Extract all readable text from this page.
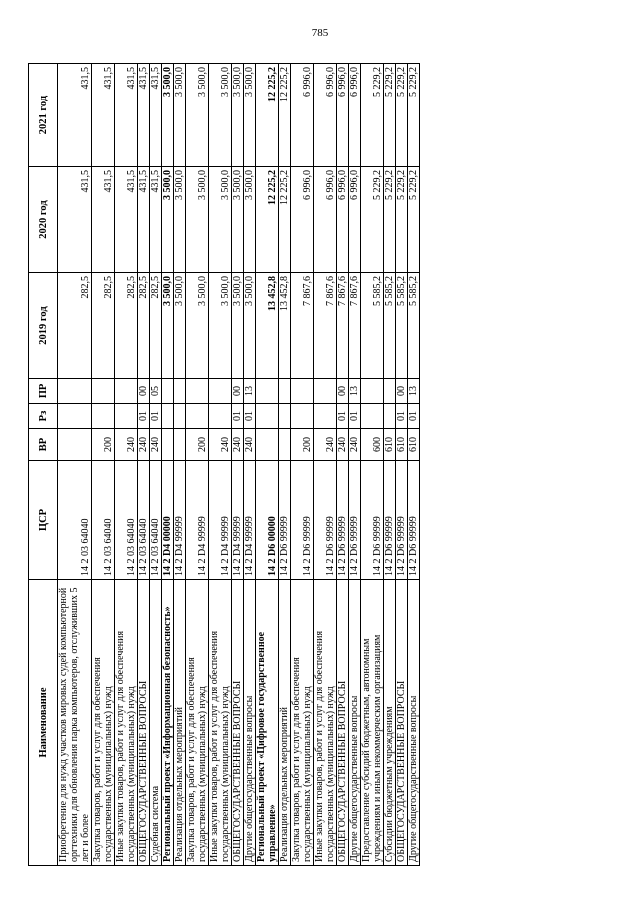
785
Наименование	ЦСР	ВР	Рз	ПР	2019 год	2020 год	2021 год
Приобретение для нужд участков мировых судей компьютерной оргтехники для обновления парка компьютеров, отслуживших 5 лет и более	14 2 03 64040				282,5	431,5	431,5
Закупка товаров, работ и услуг для обеспечения государственных (муниципальных) нужд	14 2 03 64040	200			282,5	431,5	431,5
Иные закупки товаров, работ и услуг для обеспечения государственных (муниципальных) нужд	14 2 03 64040	240			282,5	431,5	431,5
ОБЩЕГОСУДАРСТВЕННЫЕ ВОПРОСЫ	14 2 03 64040	240	01	00	282,5	431,5	431,5
Судебная система	14 2 03 64040	240	01	05	282,5	431,5	431,5
Региональный проект «Информационная безопасность»	14 2 D4 00000				3 500,0	3 500,0	3 500,0
Реализация отдельных мероприятий	14 2 D4 99999				3 500,0	3 500,0	3 500,0
Закупка товаров, работ и услуг для обеспечения государственных (муниципальных) нужд	14 2 D4 99999	200			3 500,0	3 500,0	3 500,0
Иные закупки товаров, работ и услуг для обеспечения государственных (муниципальных) нужд	14 2 D4 99999	240			3 500,0	3 500,0	3 500,0
ОБЩЕГОСУДАРСТВЕННЫЕ ВОПРОСЫ	14 2 D4 99999	240	01	00	3 500,0	3 500,0	3 500,0
Другие общегосударственные вопросы	14 2 D4 99999	240	01	13	3 500,0	3 500,0	3 500,0
Региональный проект «Цифровое государственное управление»	14 2 D6 00000				13 452,8	12 225,2	12 225,2
Реализация отдельных мероприятий	14 2 D6 99999				13 452,8	12 225,2	12 225,2
Закупка товаров, работ и услуг для обеспечения государственных (муниципальных) нужд	14 2 D6 99999	200			7 867,6	6 996,0	6 996,0
Иные закупки товаров, работ и услуг для обеспечения государственных (муниципальных) нужд	14 2 D6 99999	240			7 867,6	6 996,0	6 996,0
ОБЩЕГОСУДАРСТВЕННЫЕ ВОПРОСЫ	14 2 D6 99999	240	01	00	7 867,6	6 996,0	6 996,0
Другие общегосударственные вопросы	14 2 D6 99999	240	01	13	7 867,6	6 996,0	6 996,0
Предоставление субсидий бюджетным, автономным учреждениям и иным некоммерческим организациям	14 2 D6 99999	600			5 585,2	5 229,2	5 229,2
Субсидии бюджетным учреждениям	14 2 D6 99999	610			5 585,2	5 229,2	5 229,2
ОБЩЕГОСУДАРСТВЕННЫЕ ВОПРОСЫ	14 2 D6 99999	610	01	00	5 585,2	5 229,2	5 229,2
Другие общегосударственные вопросы	14 2 D6 99999	610	01	13	5 585,2	5 229,2	5 229,2
